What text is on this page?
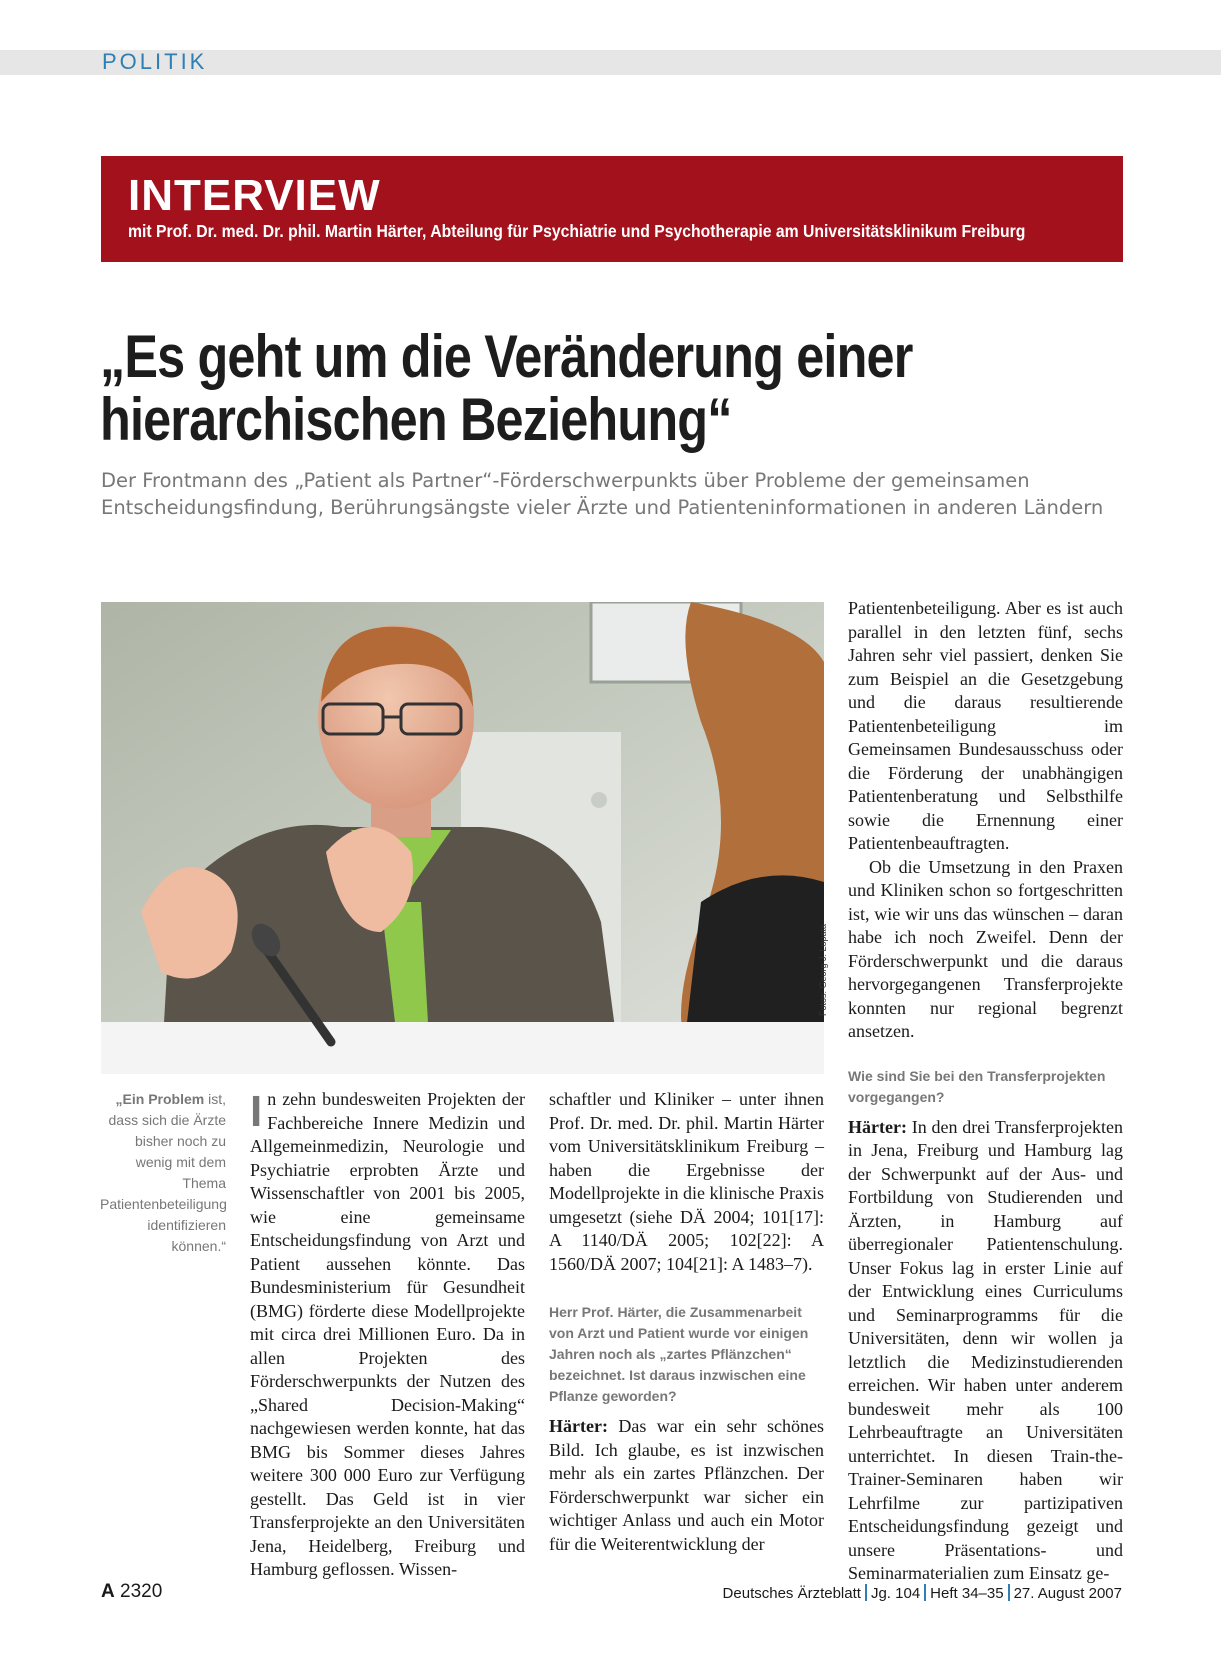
POLITIK
INTERVIEW
mit Prof. Dr. med. Dr. phil. Martin Härter, Abteilung für Psychiatrie und Psychotherapie am Universitätsklinikum Freiburg
„Es geht um die Veränderung einer hierarchischen Beziehung“

Der Frontmann des „Patient als Partner“-Förderschwerpunkts über Probleme der gemeinsamen Entscheidungsfindung, Berührungsängste vieler Ärzte und Patienteninformationen in anderen Ländern

Fotos: Georg J. Lopata
„Ein Problem ist, dass sich die Ärzte bisher noch zu wenig mit dem Thema Patientenbeteiligung identifizieren können.“

In zehn bundesweiten Projekten der Fachbereiche Innere Medizin und Allgemeinmedizin, Neurologie und Psychiatrie erprobten Ärzte und Wissenschaftler von 2001 bis 2005, wie eine gemeinsame Entscheidungsfindung von Arzt und Patient aussehen könnte. Das Bundesministerium für Gesundheit (BMG) förderte diese Modellprojekte mit circa drei Millionen Euro. Da in allen Projekten des Förderschwerpunkts der Nutzen des „Shared Decision-Making“ nachgewiesen werden konnte, hat das BMG bis Sommer dieses Jahres weitere 300 000 Euro zur Verfügung gestellt. Das Geld ist in vier Transferprojekte an den Universitäten Jena, Heidelberg, Freiburg und Hamburg geflossen. Wissen-

schaftler und Kliniker – unter ihnen Prof. Dr. med. Dr. phil. Martin Härter vom Universitätsklinikum Freiburg – haben die Ergebnisse der Modellprojekte in die klinische Praxis umgesetzt (siehe DÄ 2004; 101[17]: A 1140/DÄ 2005; 102[22]: A 1560/DÄ 2007; 104[21]: A 1483–7).

Herr Prof. Härter, die Zusammenarbeit von Arzt und Patient wurde vor einigen Jahren noch als „zartes Pflänzchen“ bezeichnet. Ist daraus inzwischen eine Pflanze geworden?

Härter: Das war ein sehr schönes Bild. Ich glaube, es ist inzwischen mehr als ein zartes Pflänzchen. Der Förderschwerpunkt war sicher ein wichtiger Anlass und auch ein Motor für die Weiterentwicklung der

Patientenbeteiligung. Aber es ist auch parallel in den letzten fünf, sechs Jahren sehr viel passiert, denken Sie zum Beispiel an die Gesetzgebung und die daraus resultierende Patientenbeteiligung im Gemeinsamen Bundesausschuss oder die Förderung der unabhängigen Patientenberatung und Selbsthilfe sowie die Ernennung einer Patientenbeauftragten.

Ob die Umsetzung in den Praxen und Kliniken schon so fortgeschritten ist, wie wir uns das wünschen – daran habe ich noch Zweifel. Denn der Förderschwerpunkt und die daraus hervorgegangenen Transferprojekte konnten nur regional begrenzt ansetzen.

Wie sind Sie bei den Transferprojekten vorgegangen?

Härter: In den drei Transferprojekten in Jena, Freiburg und Hamburg lag der Schwerpunkt auf der Aus- und Fortbildung von Studierenden und Ärzten, in Hamburg auf überregionaler Patientenschulung. Unser Fokus lag in erster Linie auf der Entwicklung eines Curriculums und Seminarprogramms für die Universitäten, denn wir wollen ja letztlich die Medizinstudierenden erreichen. Wir haben unter anderem bundesweit mehr als 100 Lehrbeauftragte an Universitäten unterrichtet. In diesen Train-the-Trainer-Seminaren haben wir Lehrfilme zur partizipativen Entscheidungsfindung gezeigt und unsere Präsentations- und Seminarmaterialien zum Einsatz ge-

A 2320	Deutsches Ärzteblatt Jg. 104 Heft 34–35 27. August 2007
